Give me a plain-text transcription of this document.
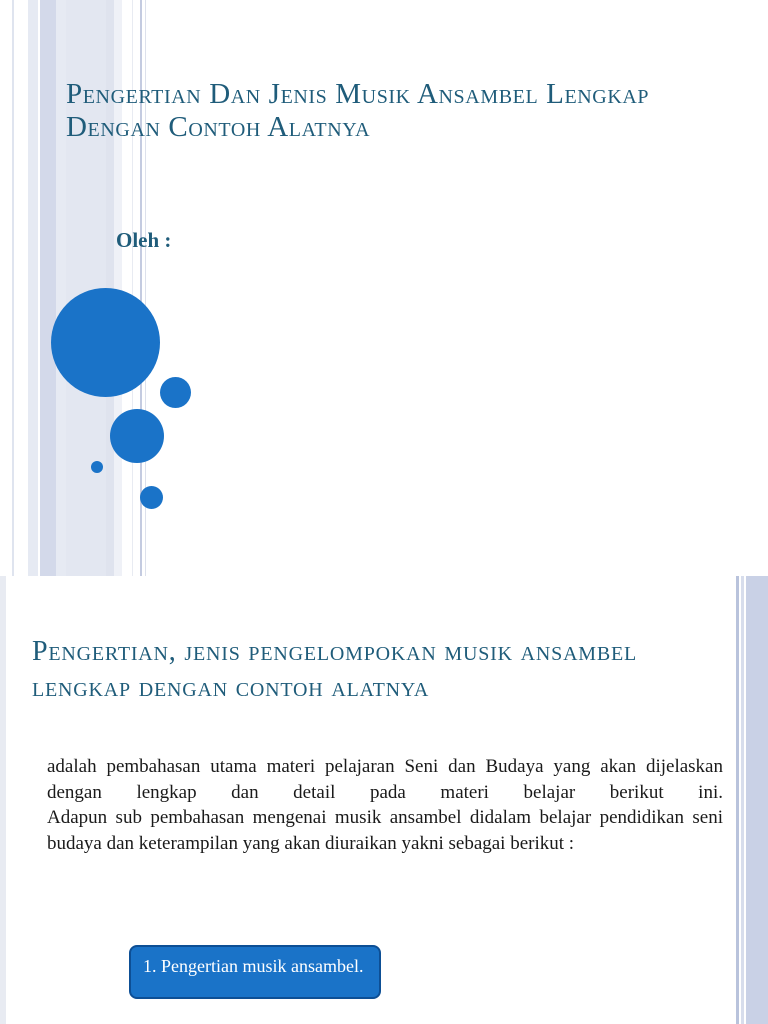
Pengertian Dan Jenis Musik Ansambel Lengkap Dengan Contoh Alatnya

Oleh :

Pengertian, jenis pengelompokan musik ansambel lengkap dengan contoh alatnya

adalah pembahasan utama materi pelajaran Seni dan Budaya yang akan dijelaskan dengan lengkap dan detail pada materi belajar berikut ini.

Adapun sub pembahasan mengenai musik ansambel didalam belajar pendidikan seni budaya dan keterampilan yang akan diuraikan yakni sebagai berikut :

1. Pengertian musik ansambel.
